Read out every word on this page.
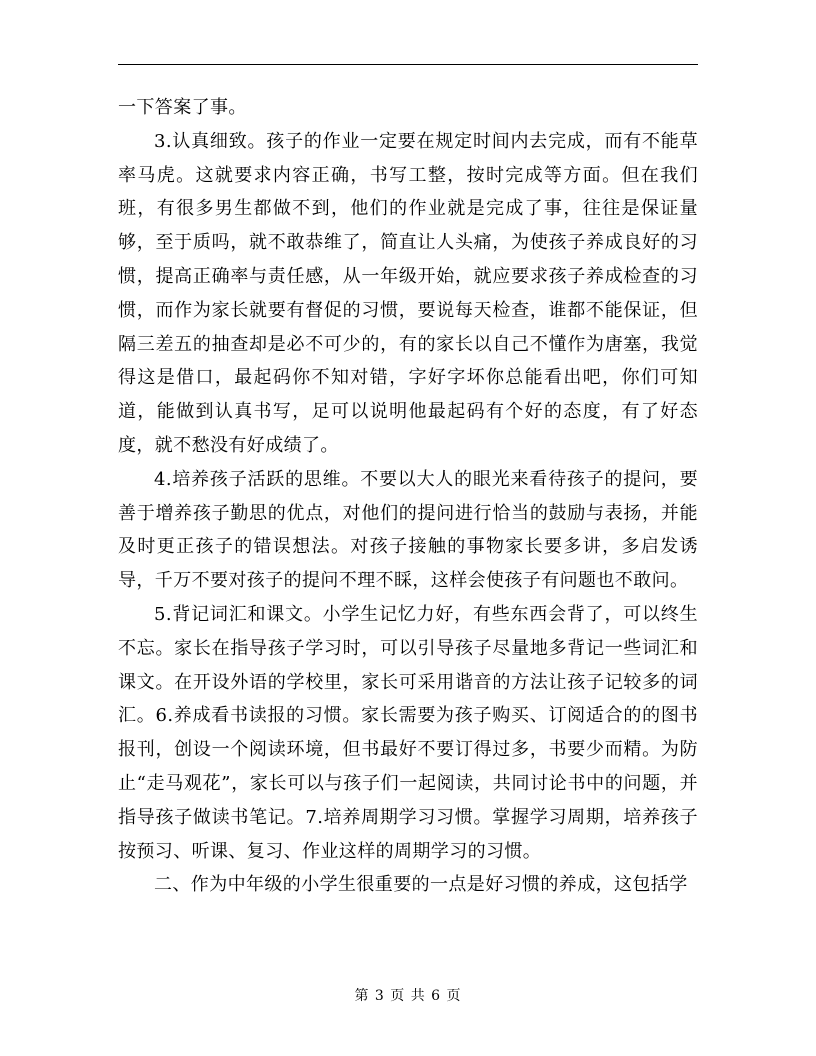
一下答案了事。

3.认真细致。孩子的作业一定要在规定时间内去完成，而有不能草率马虎。这就要求内容正确，书写工整，按时完成等方面。但在我们班，有很多男生都做不到，他们的作业就是完成了事，往往是保证量够，至于质吗，就不敢恭维了，简直让人头痛，为使孩子养成良好的习惯，提高正确率与责任感，从一年级开始，就应要求孩子养成检查的习惯，而作为家长就要有督促的习惯，要说每天检查，谁都不能保证，但隔三差五的抽查却是必不可少的，有的家长以自己不懂作为唐塞，我觉得这是借口，最起码你不知对错，字好字坏你总能看出吧，你们可知道，能做到认真书写，足可以说明他最起码有个好的态度，有了好态度，就不愁没有好成绩了。

4.培养孩子活跃的思维。不要以大人的眼光来看待孩子的提问，要善于增养孩子勤思的优点，对他们的提问进行恰当的鼓励与表扬，并能及时更正孩子的错误想法。对孩子接触的事物家长要多讲，多启发诱导，千万不要对孩子的提问不理不睬，这样会使孩子有问题也不敢问。

5.背记词汇和课文。小学生记忆力好，有些东西会背了，可以终生不忘。家长在指导孩子学习时，可以引导孩子尽量地多背记一些词汇和课文。在开设外语的学校里，家长可采用谐音的方法让孩子记较多的词汇。6.养成看书读报的习惯。家长需要为孩子购买、订阅适合的的图书报刊，创设一个阅读环境，但书最好不要订得过多，书要少而精。为防止“走马观花”，家长可以与孩子们一起阅读，共同讨论书中的问题，并指导孩子做读书笔记。7.培养周期学习习惯。掌握学习周期，培养孩子按预习、听课、复习、作业这样的周期学习的习惯。

二、作为中年级的小学生很重要的一点是好习惯的养成，这包括学

第 3 页 共 6 页
